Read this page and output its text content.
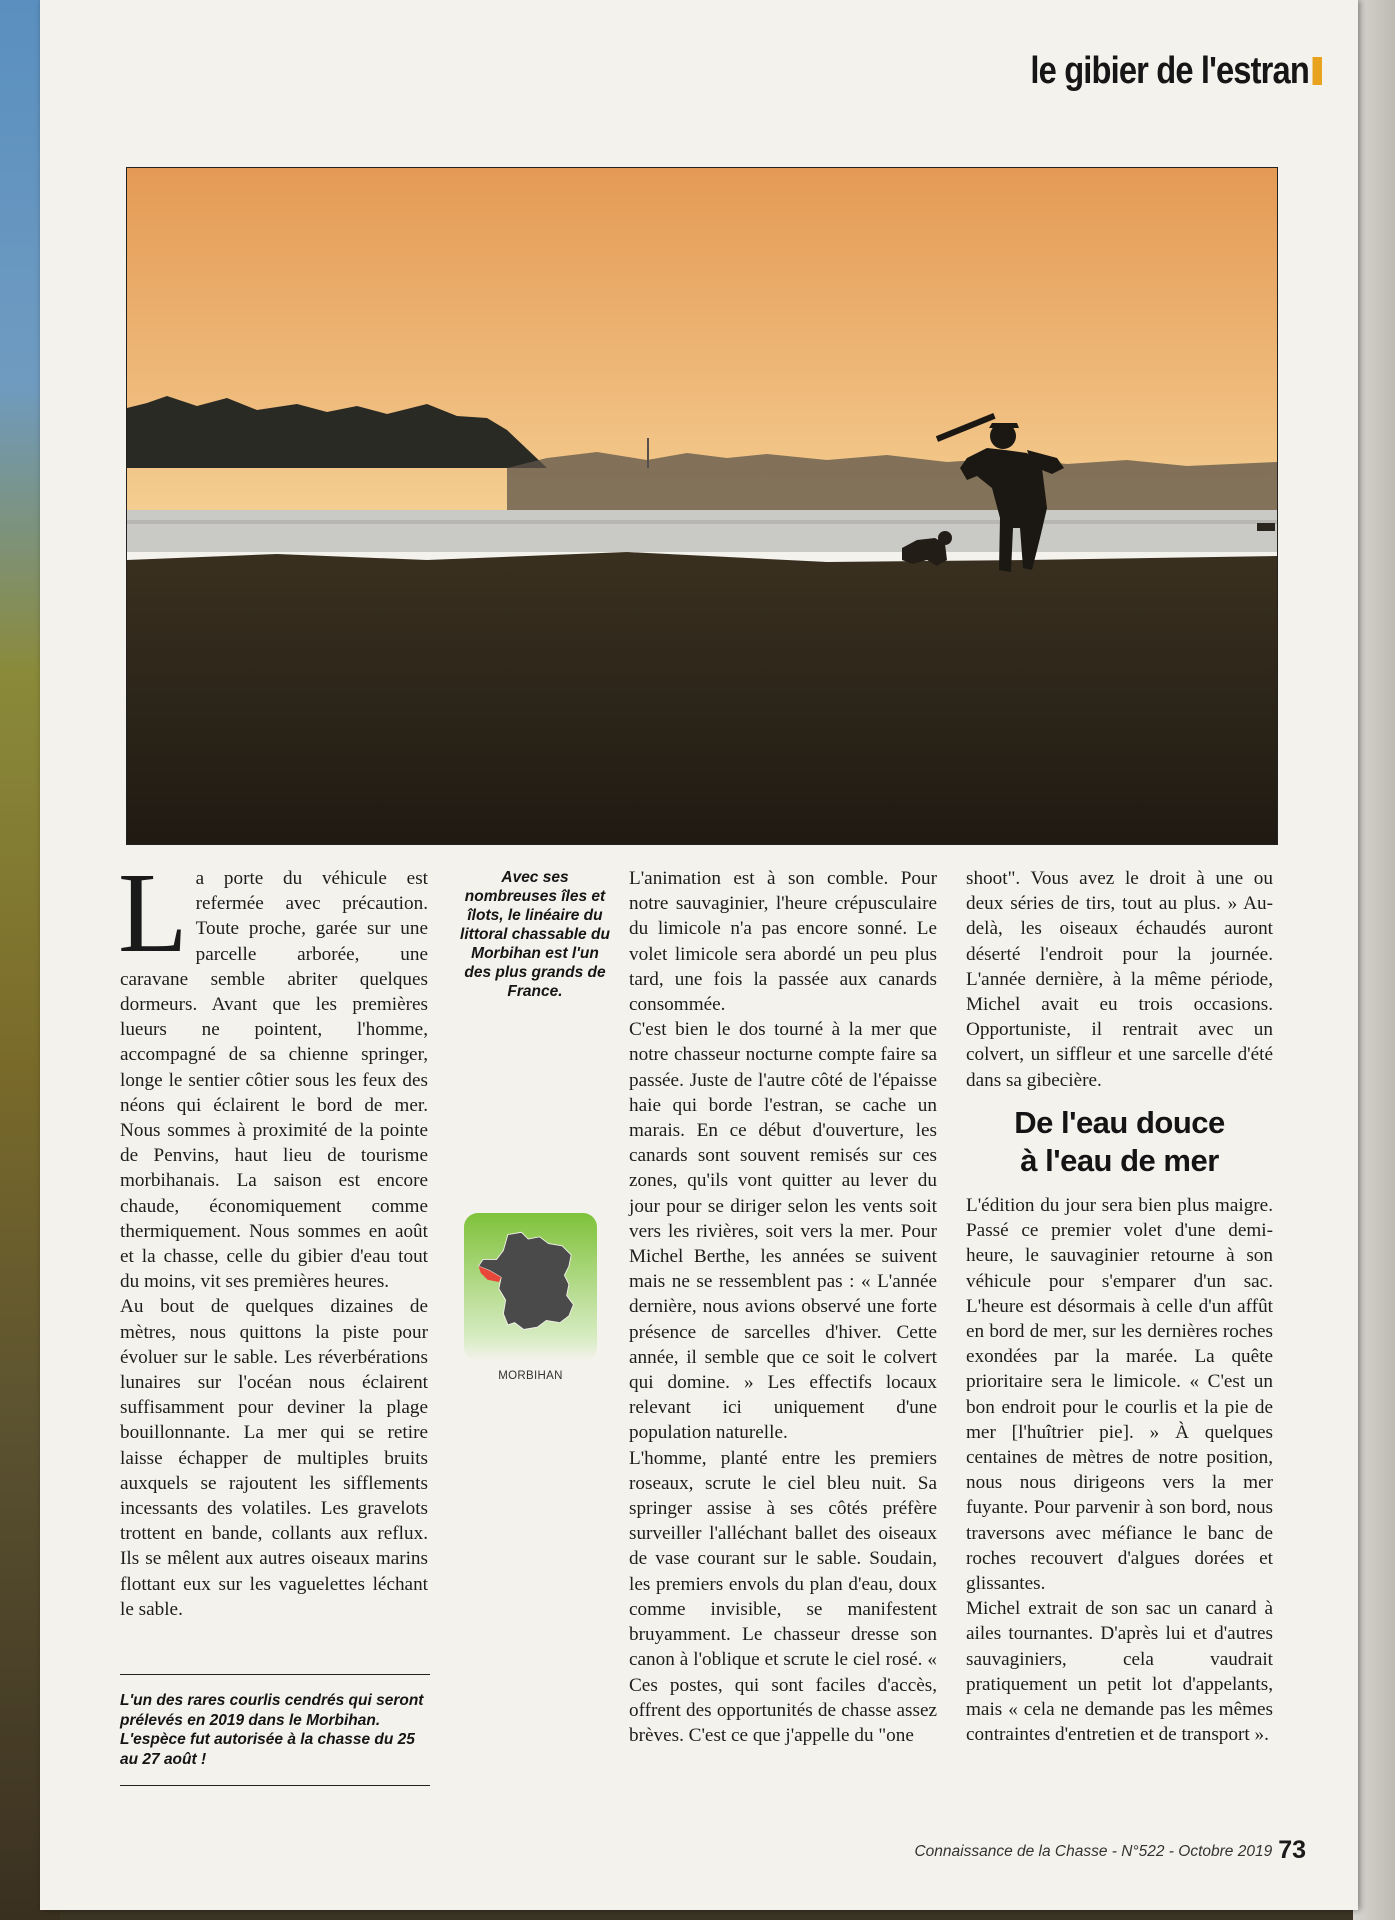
le gibier de l'estran

La porte du véhicule est refermée avec précaution. Toute proche, garée sur une parcelle arborée, une caravane semble abriter quelques dormeurs. Avant que les premières lueurs ne pointent, l'homme, accompagné de sa chienne springer, longe le sentier côtier sous les feux des néons qui éclairent le bord de mer. Nous sommes à proximité de la pointe de Penvins, haut lieu de tourisme morbihanais. La saison est encore chaude, économiquement comme thermiquement. Nous sommes en août et la chasse, celle du gibier d'eau tout du moins, vit ses premières heures.

Au bout de quelques dizaines de mètres, nous quittons la piste pour évoluer sur le sable. Les réverbérations lunaires sur l'océan nous éclairent suffisamment pour deviner la plage bouillonnante. La mer qui se retire laisse échapper de multiples bruits auxquels se rajoutent les sifflements incessants des volatiles. Les gravelots trottent en bande, collants aux reflux. Ils se mêlent aux autres oiseaux marins flottant eux sur les vaguelettes léchant le sable.

Avec ses nombreuses îles et îlots, le linéaire du littoral chassable du Morbihan est l'un des plus grands de France.
MORBIHAN
L'un des rares courlis cendrés qui seront prélevés en 2019 dans le Morbihan. L'espèce fut autorisée à la chasse du 25 au 27 août !

L'animation est à son comble. Pour notre sauvaginier, l'heure crépusculaire du limicole n'a pas encore sonné. Le volet limicole sera abordé un peu plus tard, une fois la passée aux canards consommée.

C'est bien le dos tourné à la mer que notre chasseur nocturne compte faire sa passée. Juste de l'autre côté de l'épaisse haie qui borde l'estran, se cache un marais. En ce début d'ouverture, les canards sont souvent remisés sur ces zones, qu'ils vont quitter au lever du jour pour se diriger selon les vents soit vers les rivières, soit vers la mer. Pour Michel Berthe, les années se suivent mais ne se ressemblent pas : « L'année dernière, nous avions observé une forte présence de sarcelles d'hiver. Cette année, il semble que ce soit le colvert qui domine. » Les effectifs locaux relevant ici uniquement d'une population naturelle.

L'homme, planté entre les premiers roseaux, scrute le ciel bleu nuit. Sa springer assise à ses côtés préfère surveiller l'alléchant ballet des oiseaux de vase courant sur le sable. Soudain, les premiers envols du plan d'eau, doux comme invisible, se manifestent bruyamment. Le chasseur dresse son canon à l'oblique et scrute le ciel rosé. « Ces postes, qui sont faciles d'accès, offrent des opportunités de chasse assez brèves. C'est ce que j'appelle du "one

shoot". Vous avez le droit à une ou deux séries de tirs, tout au plus. » Au-delà, les oiseaux échaudés auront déserté l'endroit pour la journée. L'année dernière, à la même période, Michel avait eu trois occasions. Opportuniste, il rentrait avec un colvert, un siffleur et une sarcelle d'été dans sa gibecière.

De l'eau douce
à l'eau de mer

L'édition du jour sera bien plus maigre. Passé ce premier volet d'une demi-heure, le sauvaginier retourne à son véhicule pour s'emparer d'un sac. L'heure est désormais à celle d'un affût en bord de mer, sur les dernières roches exondées par la marée. La quête prioritaire sera le limicole. « C'est un bon endroit pour le courlis et la pie de mer [l'huîtrier pie]. » À quelques centaines de mètres de notre position, nous nous dirigeons vers la mer fuyante. Pour parvenir à son bord, nous traversons avec méfiance le banc de roches recouvert d'algues dorées et glissantes.

Michel extrait de son sac un canard à ailes tournantes. D'après lui et d'autres sauvaginiers, cela vaudrait pratiquement un petit lot d'appelants, mais « cela ne demande pas les mêmes contraintes d'entretien et de transport ».

Connaissance de la Chasse - N°522 - Octobre 2019 73
